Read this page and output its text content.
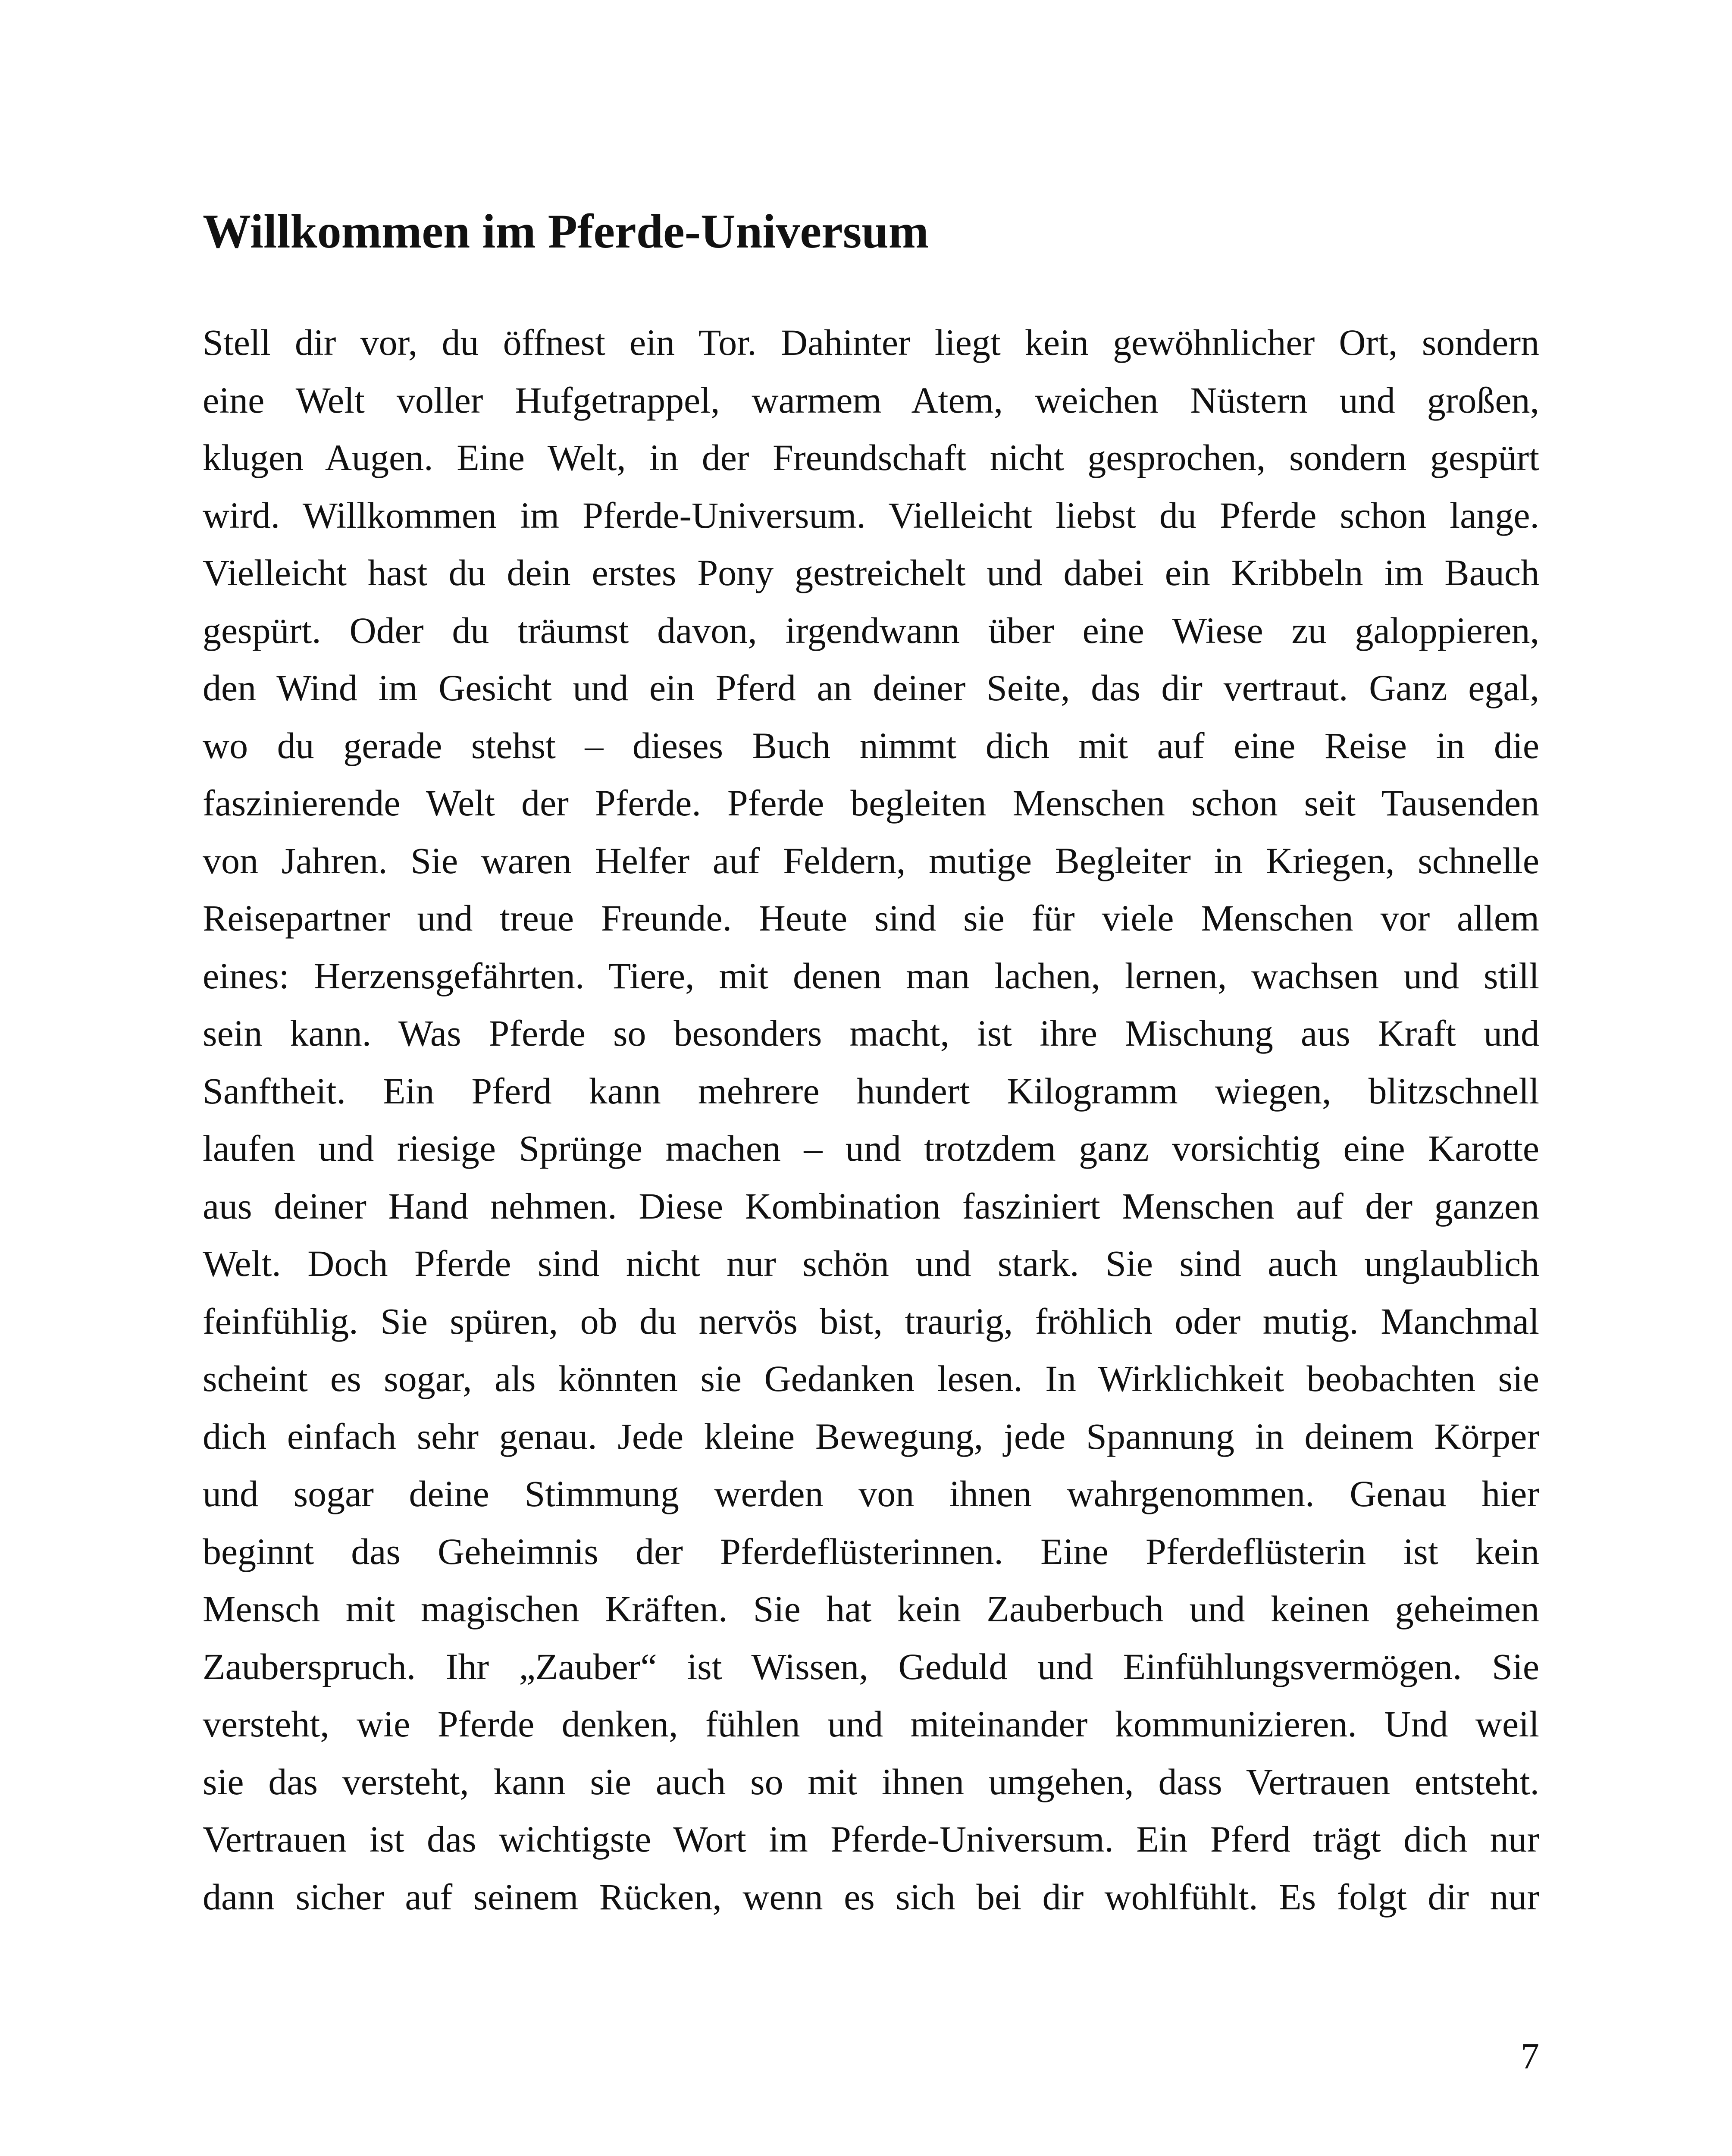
Willkommen im Pferde-Universum
Stell dir vor, du öffnest ein Tor. Dahinter liegt kein gewöhnlicher Ort, sondern
eine Welt voller Hufgetrappel, warmem Atem, weichen Nüstern und großen,
klugen Augen. Eine Welt, in der Freundschaft nicht gesprochen, sondern gespürt
wird. Willkommen im Pferde-Universum. Vielleicht liebst du Pferde schon lange.
Vielleicht hast du dein erstes Pony gestreichelt und dabei ein Kribbeln im Bauch
gespürt. Oder du träumst davon, irgendwann über eine Wiese zu galoppieren,
den Wind im Gesicht und ein Pferd an deiner Seite, das dir vertraut. Ganz egal,
wo du gerade stehst – dieses Buch nimmt dich mit auf eine Reise in die
faszinierende Welt der Pferde. Pferde begleiten Menschen schon seit Tausenden
von Jahren. Sie waren Helfer auf Feldern, mutige Begleiter in Kriegen, schnelle
Reisepartner und treue Freunde. Heute sind sie für viele Menschen vor allem
eines: Herzensgefährten. Tiere, mit denen man lachen, lernen, wachsen und still
sein kann. Was Pferde so besonders macht, ist ihre Mischung aus Kraft und
Sanftheit. Ein Pferd kann mehrere hundert Kilogramm wiegen, blitzschnell
laufen und riesige Sprünge machen – und trotzdem ganz vorsichtig eine Karotte
aus deiner Hand nehmen. Diese Kombination fasziniert Menschen auf der ganzen
Welt. Doch Pferde sind nicht nur schön und stark. Sie sind auch unglaublich
feinfühlig. Sie spüren, ob du nervös bist, traurig, fröhlich oder mutig. Manchmal
scheint es sogar, als könnten sie Gedanken lesen. In Wirklichkeit beobachten sie
dich einfach sehr genau. Jede kleine Bewegung, jede Spannung in deinem Körper
und sogar deine Stimmung werden von ihnen wahrgenommen. Genau hier
beginnt das Geheimnis der Pferdeflüsterinnen. Eine Pferdeflüsterin ist kein
Mensch mit magischen Kräften. Sie hat kein Zauberbuch und keinen geheimen
Zauberspruch. Ihr „Zauber“ ist Wissen, Geduld und Einfühlungsvermögen. Sie
versteht, wie Pferde denken, fühlen und miteinander kommunizieren. Und weil
sie das versteht, kann sie auch so mit ihnen umgehen, dass Vertrauen entsteht.
Vertrauen ist das wichtigste Wort im Pferde-Universum. Ein Pferd trägt dich nur
dann sicher auf seinem Rücken, wenn es sich bei dir wohlfühlt. Es folgt dir nur
7
